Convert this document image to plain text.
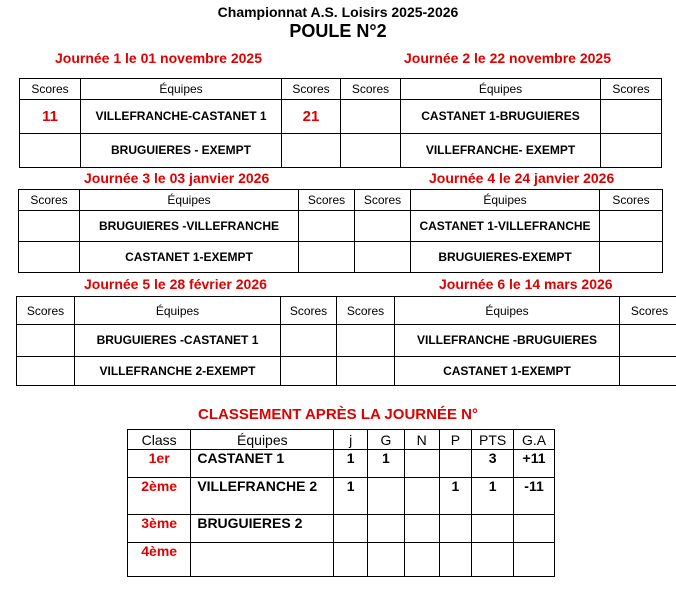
Championnat A.S. Loisirs 2025-2026
POULE N°2
Journée 1 le 01 novembre 2025	Journée 2 le 22 novembre 2025
Journée 3 le 03 janvier 2026	Journée 4 le 24 janvier 2026
Journée 5 le 28 février 2026	Journée 6 le 14 mars 2026
Scores	Équipes	Scores	Scores	Équipes	Scores
11	VILLEFRANCHE-CASTANET 1	21		CASTANET 1-BRUGUIERES	
	BRUGUIERES - EXEMPT			VILLEFRANCHE- EXEMPT	
Scores	Équipes	Scores	Scores	Équipes	Scores
	BRUGUIERES -VILLEFRANCHE			CASTANET 1-VILLEFRANCHE	
	CASTANET 1-EXEMPT			BRUGUIERES-EXEMPT	
Scores	Équipes	Scores	Scores	Équipes	Scores
	BRUGUIERES -CASTANET 1			VILLEFRANCHE -BRUGUIERES	
	VILLEFRANCHE 2-EXEMPT			CASTANET 1-EXEMPT	
CLASSEMENT APRÈS LA JOURNÉE N°
Class	Équipes	j	G	N	P	PTS	G.A
1er	CASTANET 1	1	1			3	+11
2ème	VILLEFRANCHE 2	1			1	1	-11
3ème	BRUGUIERES 2						
4ème							
